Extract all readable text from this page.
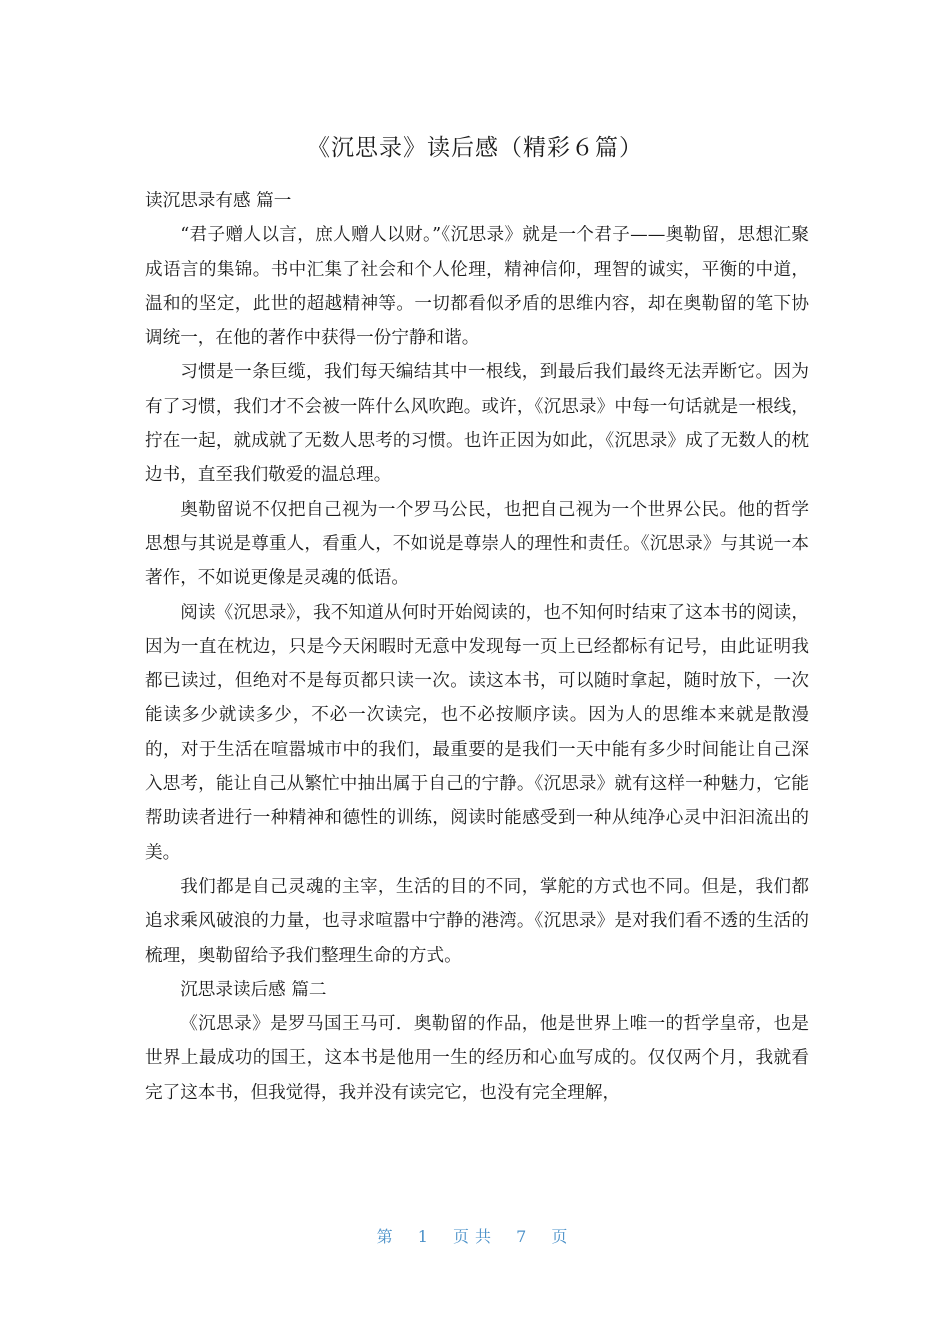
《沉思录》读后感（精彩６篇）

读沉思录有感 篇一

“君子赠人以言，庶人赠人以财。”《沉思录》就是一个君子——奥勒留，思想汇聚成语言的集锦。书中汇集了社会和个人伦理，精神信仰，理智的诚实，平衡的中道，温和的坚定，此世的超越精神等。一切都看似矛盾的思维内容，却在奥勒留的笔下协调统一，在他的著作中获得一份宁静和谐。

习惯是一条巨缆，我们每天编结其中一根线，到最后我们最终无法弄断它。因为有了习惯，我们才不会被一阵什么风吹跑。或许，《沉思录》中每一句话就是一根线，拧在一起，就成就了无数人思考的习惯。也许正因为如此，《沉思录》成了无数人的枕边书，直至我们敬爱的温总理。

奥勒留说不仅把自己视为一个罗马公民，也把自己视为一个世界公民。他的哲学思想与其说是尊重人，看重人，不如说是尊崇人的理性和责任。《沉思录》与其说一本著作，不如说更像是灵魂的低语。

阅读《沉思录》，我不知道从何时开始阅读的，也不知何时结束了这本书的阅读，因为一直在枕边，只是今天闲暇时无意中发现每一页上已经都标有记号，由此证明我都已读过，但绝对不是每页都只读一次。读这本书，可以随时拿起，随时放下，一次能读多少就读多少，不必一次读完，也不必按顺序读。因为人的思维本来就是散漫的，对于生活在喧嚣城市中的我们，最重要的是我们一天中能有多少时间能让自己深入思考，能让自己从繁忙中抽出属于自己的宁静。《沉思录》就有这样一种魅力，它能帮助读者进行一种精神和德性的训练，阅读时能感受到一种从纯净心灵中汩汩流出的美。

我们都是自己灵魂的主宰，生活的目的不同，掌舵的方式也不同。但是，我们都追求乘风破浪的力量，也寻求喧嚣中宁静的港湾。《沉思录》是对我们看不透的生活的梳理，奥勒留给予我们整理生命的方式。

沉思录读后感 篇二

《沉思录》是罗马国王马可．奥勒留的作品，他是世界上唯一的哲学皇帝，也是世界上最成功的国王，这本书是他用一生的经历和心血写成的。仅仅两个月，我就看完了这本书，但我觉得，我并没有读完它，也没有完全理解，

第 1 页共 7 页
